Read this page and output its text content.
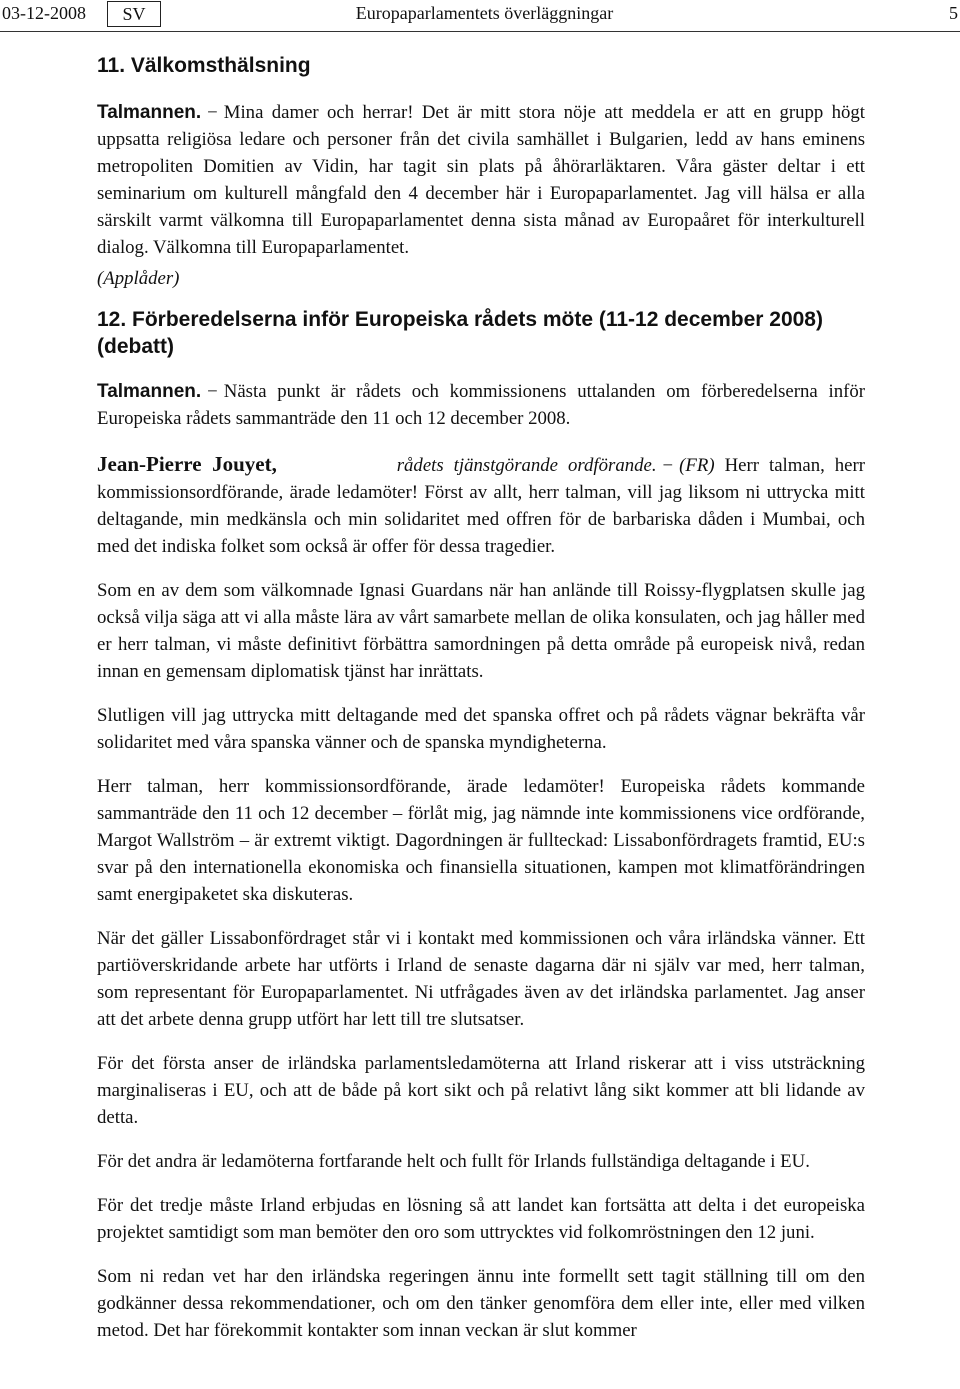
03-12-2008	SV	Europaparlamentets överläggningar	5
11. Välkomsthälsning

Talmannen. − Mina damer och herrar! Det är mitt stora nöje att meddela er att en grupp högt uppsatta religiösa ledare och personer från det civila samhället i Bulgarien, ledd av hans eminens metropoliten Domitien av Vidin, har tagit sin plats på åhörarläktaren. Våra gäster deltar i ett seminarium om kulturell mångfald den 4 december här i Europaparlamentet. Jag vill hälsa er alla särskilt varmt välkomna till Europaparlamentet denna sista månad av Europaåret för interkulturell dialog. Välkomna till Europaparlamentet.

(Applåder)
12. Förberedelserna inför Europeiska rådets möte (11-12 december 2008) (debatt)

Talmannen. − Nästa punkt är rådets och kommissionens uttalanden om förberedelserna inför Europeiska rådets sammanträde den 11 och 12 december 2008.

Jean-Pierre Jouyet,	rådets tjänstgörande ordförande. − (FR) Herr talman, herr kommissionsordförande, ärade ledamöter! Först av allt, herr talman, vill jag liksom ni uttrycka mitt deltagande, min medkänsla och min solidaritet med offren för de barbariska dåden i Mumbai, och med det indiska folket som också är offer för dessa tragedier.

Som en av dem som välkomnade Ignasi Guardans när han anlände till Roissy-flygplatsen skulle jag också vilja säga att vi alla måste lära av vårt samarbete mellan de olika konsulaten, och jag håller med er herr talman, vi måste definitivt förbättra samordningen på detta område på europeisk nivå, redan innan en gemensam diplomatisk tjänst har inrättats.

Slutligen vill jag uttrycka mitt deltagande med det spanska offret och på rådets vägnar bekräfta vår solidaritet med våra spanska vänner och de spanska myndigheterna.

Herr talman, herr kommissionsordförande, ärade ledamöter! Europeiska rådets kommande sammanträde den 11 och 12 december – förlåt mig, jag nämnde inte kommissionens vice ordförande, Margot Wallström – är extremt viktigt. Dagordningen är fullteckad: Lissabonfördragets framtid, EU:s svar på den internationella ekonomiska och finansiella situationen, kampen mot klimatförändringen samt energipaketet ska diskuteras.

När det gäller Lissabonfördraget står vi i kontakt med kommissionen och våra irländska vänner. Ett partiöverskridande arbete har utförts i Irland de senaste dagarna där ni själv var med, herr talman, som representant för Europaparlamentet. Ni utfrågades även av det irländska parlamentet. Jag anser att det arbete denna grupp utfört har lett till tre slutsatser.

För det första anser de irländska parlamentsledamöterna att Irland riskerar att i viss utsträckning marginaliseras i EU, och att de både på kort sikt och på relativt lång sikt kommer att bli lidande av detta.

För det andra är ledamöterna fortfarande helt och fullt för Irlands fullständiga deltagande i EU.

För det tredje måste Irland erbjudas en lösning så att landet kan fortsätta att delta i det europeiska projektet samtidigt som man bemöter den oro som uttrycktes vid folkomröstningen den 12 juni.

Som ni redan vet har den irländska regeringen ännu inte formellt sett tagit ställning till om den godkänner dessa rekommendationer, och om den tänker genomföra dem eller inte, eller med vilken metod. Det har förekommit kontakter som innan veckan är slut kommer
